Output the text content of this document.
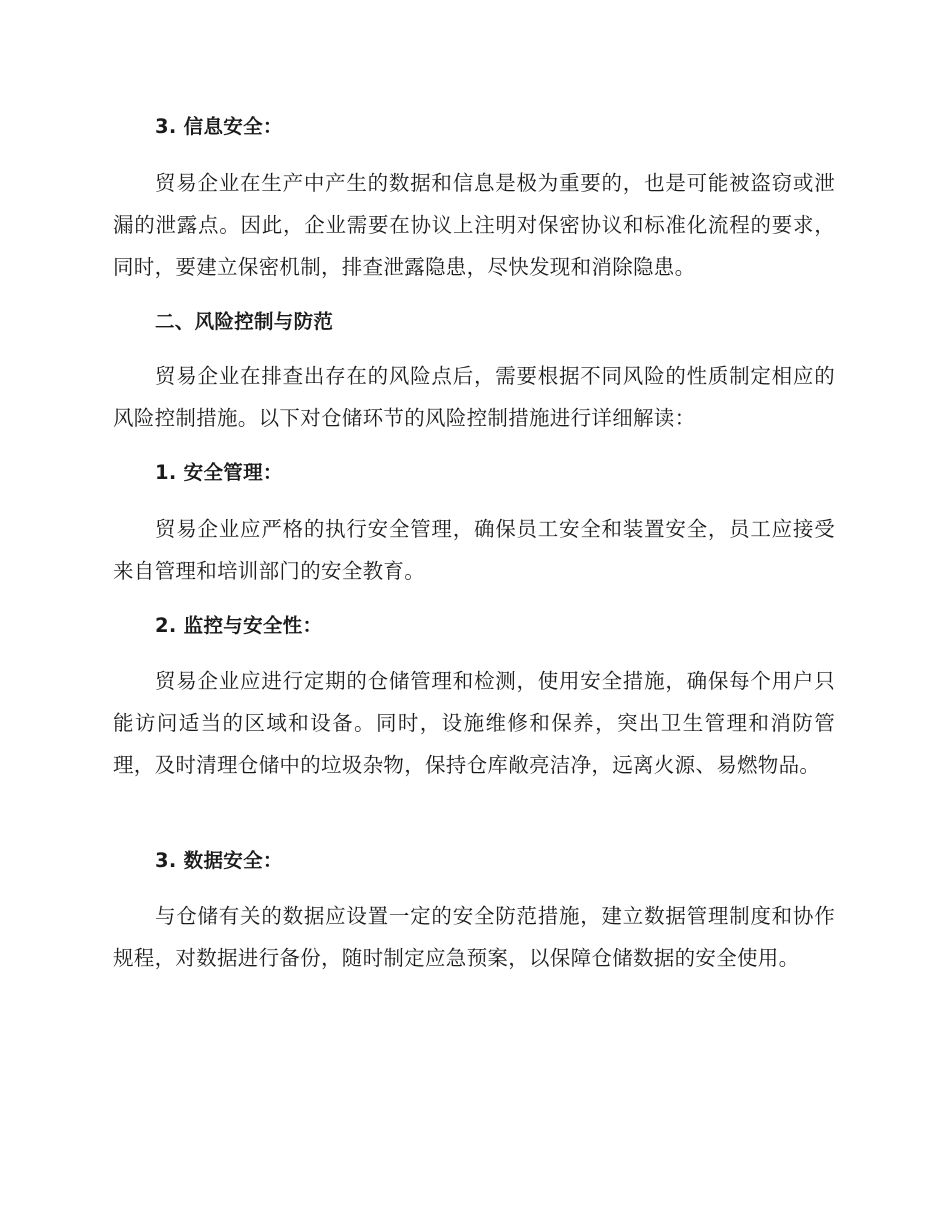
3. 信息安全：
贸易企业在生产中产生的数据和信息是极为重要的，也是可能被盗窃或泄漏的泄露点。因此，企业需要在协议上注明对保密协议和标准化流程的要求，同时，要建立保密机制，排查泄露隐患，尽快发现和消除隐患。
二、风险控制与防范
贸易企业在排查出存在的风险点后，需要根据不同风险的性质制定相应的风险控制措施。以下对仓储环节的风险控制措施进行详细解读：
1. 安全管理：
贸易企业应严格的执行安全管理，确保员工安全和装置安全，员工应接受来自管理和培训部门的安全教育。
2. 监控与安全性：
贸易企业应进行定期的仓储管理和检测，使用安全措施，确保每个用户只能访问适当的区域和设备。同时，设施维修和保养，突出卫生管理和消防管理，及时清理仓储中的垃圾杂物，保持仓库敞亮洁净，远离火源、易燃物品。
3. 数据安全：
与仓储有关的数据应设置一定的安全防范措施，建立数据管理制度和协作规程，对数据进行备份，随时制定应急预案，以保障仓储数据的安全使用。
